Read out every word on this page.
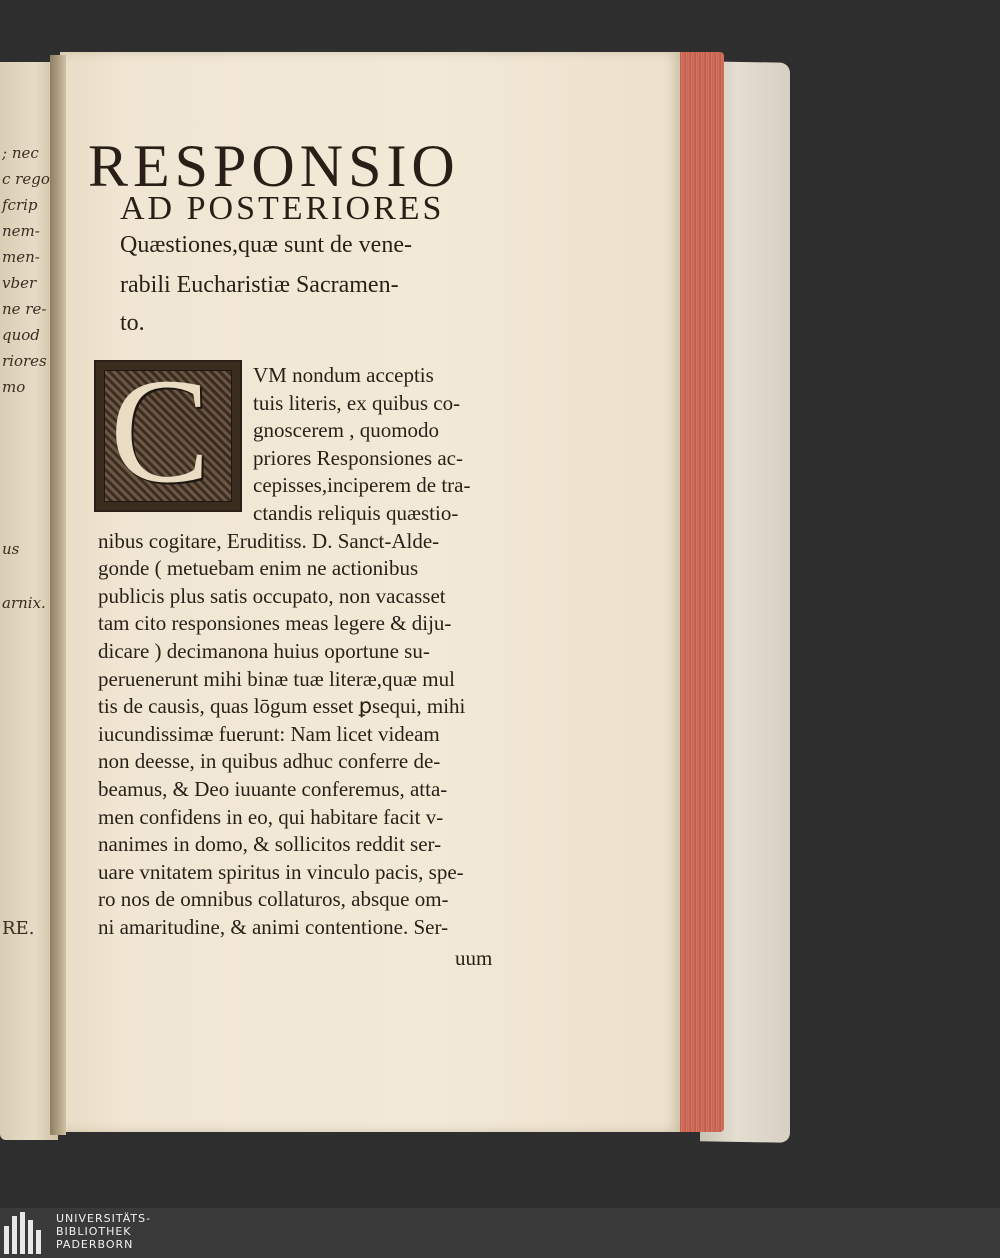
; nec
c rego
fcrip
nem-
men-
vber
ne re-
quod
riores
mo
us
arnix.
RE.
RESPONSIO
AD POSTERIORES
Quæstiones,quæ sunt de vene-
rabili Eucharistiæ Sacramen-
to.
C VM nondum acceptis
tuis literis, ex quibus co-
gnoscerem , quomodo
priores Responsiones ac-
cepisses,inciperem de tra-
ctandis reliquis quæstio-
nibus cogitare, Eruditiss. D. Sanct-Alde-
gonde ( metuebam enim ne actionibus
publicis plus satis occupato, non vacasset
tam cito responsiones meas legere & diju-
dicare ) decimanona huius oportune su-
peruenerunt mihi binæ tuæ literæ,quæ mul
tis de causis, quas lōgum esset ꝑsequi, mihi
iucundissimæ fuerunt: Nam licet videam
non deesse, in quibus adhuc conferre de-
beamus, & Deo iuuante conferemus, atta-
men confidens in eo, qui habitare facit v-
nanimes in domo, & sollicitos reddit ser-
uare vnitatem spiritus in vinculo pacis, spe-
ro nos de omnibus collaturos, absque om-
ni amaritudine, & animi contentione. Ser-
uum
UNIVERSITÄTS-
BIBLIOTHEK
PADERBORN
